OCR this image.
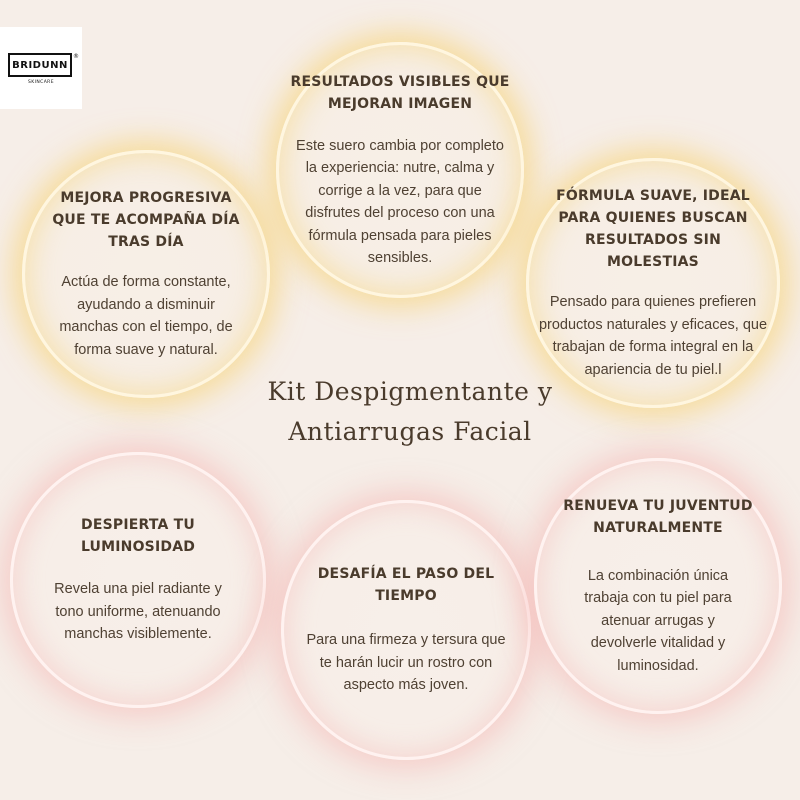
BRIDUNN
®
SKINCARE
MEJORA PROGRESIVA QUE TE ACOMPAÑA DÍA TRAS DÍA
Actúa de forma constante, ayudando a disminuir manchas con el tiempo, de forma suave y natural.
RESULTADOS VISIBLES QUE MEJORAN IMAGEN
Este suero cambia por completo la experiencia: nutre, calma y corrige a la vez, para que disfrutes del proceso con una fórmula pensada para pieles sensibles.
FÓRMULA SUAVE, IDEAL PARA QUIENES BUSCAN RESULTADOS SIN MOLESTIAS
Pensado para quienes prefieren productos naturales y eficaces, que trabajan de forma integral en la apariencia de tu piel.l
DESPIERTA TU LUMINOSIDAD
Revela una piel radiante y tono uniforme, atenuando manchas visiblemente.
DESAFÍA EL PASO DEL TIEMPO
Para una firmeza y tersura que te harán lucir un rostro con aspecto más joven.
RENUEVA TU JUVENTUD NATURALMENTE
La combinación única trabaja con tu piel para atenuar arrugas y devolverle vitalidad y luminosidad.
Kit Despigmentante y
Antiarrugas Facial
